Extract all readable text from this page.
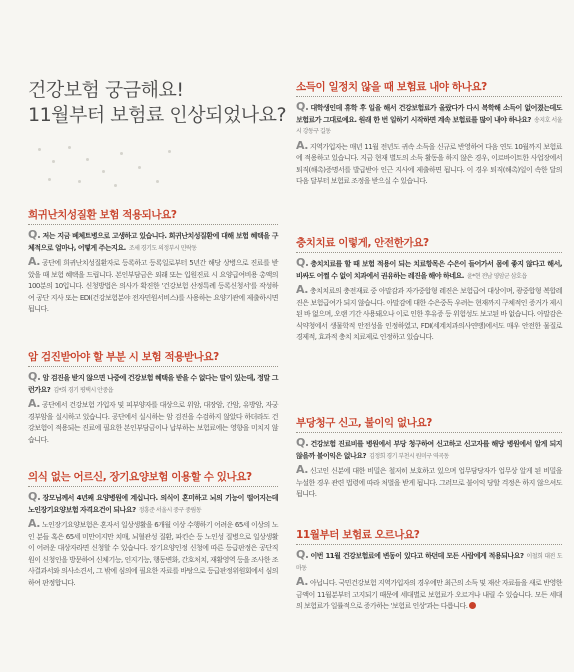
건강보험 궁금해요!
11월부터 보험료 인상되었나요?
희귀난치성질환 보험 적용되나요?
Q. 저는 지금 베체트병으로 고생하고 있습니다. 희귀난치성질환에 대해 보험 혜택을 구체적으로 얼마나, 어떻게 주는지요. 조세 경기도 의정부시 민락동
A. 공단에 희귀난치성질환자로 등록하고 등록일로부터 5년간 해당 상병으로 진료를 받았을 때 보험 혜택을 드립니다. 본인부담금은 외래 또는 입원진료 시 요양급여비용 총액의 100분의 10입니다. 신청방법은 의사가 확진한 '건강보험 산정특례 등록신청서'를 작성하여 공단 지사 또는 EDI(건강보험분야 전자민원서비스)를 사용하는 요양기관에 제출하시면 됩니다.
암 검진받아야 할 부분 시 보험 적용받나요?
Q. 암 검진을 받지 않으면 나중에 건강보험 혜택을 받을 수 없다는 말이 있는데, 정말 그런가요? 김*희 경기 평택시 안중읍
A. 공단에서 건강보험 가입자 및 피부양자를 대상으로 위암, 대장암, 간암, 유방암, 자궁경부암을 실시하고 있습니다. 공단에서 실시하는 암 검진을 수검하지 않았다 하더라도 건강보험이 적용되는 진료에 필요한 본인부담금이나 납부하는 보험료에는 영향을 미치지 않습니다.
의식 없는 어르신, 장기요양보험 이용할 수 있나요?
Q. 장모님께서 4년째 요양병원에 계십니다. 의식이 혼미하고 뇌의 기능이 떨어지는데 노인장기요양보험 자격요건이 되나요? 정흥준 서울시 중구 중림동
A. 노인장기요양보험은 혼자서 일상생활을 6개월 이상 수행하기 어려운 65세 이상의 노인 분들 혹은 65세 미만이지만 치매, 뇌혈관성 질환, 파킨슨 등 노인성 질병으로 일상생활이 어려운 대상자라면 신청할 수 있습니다. 장기요양인정 신청에 따른 등급판정은 공단직원이 신청인을 방문하여 신체기능, 인지기능, 행동변화, 간호처치, 재활영역 등을 조사한 조사결과서와 의사소견서, 그 밖에 심의에 필요한 자료를 바탕으로 등급판정위원회에서 심의하여 판정합니다.
소득이 일정치 않을 때 보험료 내야 하나요?
Q. 대학생인데 휴학 후 일을 해서 건강보험료가 올랐다가 다시 복학해 소득이 없어졌는데도 보험료가 그대로예요. 원래 한 번 일하기 시작하면 계속 보험료를 많이 내야 하나요? 송지호 서울시 강동구 길동
A. 지역가입자는 매년 11월 전년도 귀속 소득을 신규로 반영하여 다음 연도 10월까지 보험료에 적용하고 있습니다. 지금 현재 별도의 소득 활동을 하지 않은 경우, 이르바이트한 사업장에서 퇴직(해촉)증명서를 발급받아 인근 지사에 제출하면 됩니다. 이 경우 퇴직(해촉)일이 속한 달의 다음 달부터 보험료 조정을 받으실 수 있습니다.
충치치료 이렇게, 안전한가요?
Q. 충치치료를 할 때 보험 적용이 되는 치료항목은 수은이 들어가서 몸에 좋지 않다고 해서, 비싸도 어쩔 수 없이 치과에서 권유하는 레진을 해야 하네요. 윤*현 전남 영암군 삼호읍
A. 충치치료의 충전재료 중 아말감과 자가중합형 레진은 보험급여 대상이며, 광중합형 복합레진은 보험급여가 되지 않습니다. 아말감에 대한 수은중독 우려는 현재까지 구체적인 증거가 제시된 바 없으며, 오랜 기간 사용돼오나 이로 인한 후유증 등 위험성도 보고된 바 없습니다. 아말감은 식약청에서 생물학적 안전성을 인정하였고, FDI(세계치과의사연맹)에서도 매우 안전한 물질로 경제적, 효과적 충치 치료제로 인정하고 있습니다.
부당청구 신고, 불이익 없나요?
Q. 건강보험 진료비를 병원에서 부당 청구하여 신고하고 신고자를 해당 병원에서 알게 되지 않을까 불이익은 없나요? 김정희 경기 부천시 원미구 역곡동
A. 신고인 신분에 대한 비밀은 철저히 보호하고 있으며 업무담당자가 업무상 알게 된 비밀을 누설한 경우 관련 법령에 따라 처벌을 받게 됩니다. 그러므로 불이익 당할 걱정은 하지 않으셔도 됩니다.
11월부터 보험료 오르나요?
Q. 이번 11월 건강보험료에 변동이 있다고 하던데 모든 사람에게 적용되나요? 이철희 대전 도마동
A. 아닙니다. 국민건강보험 지역가입자의 경우에만 최근의 소득 및 재산 자료들을 새로 반영한 금액이 11월분부터 고지되기 때문에 세대별로 보험료가 오르거나 내릴 수 있습니다. 모든 세대의 보험료가 일률적으로 증가하는 '보험료 인상'과는 다릅니다.
